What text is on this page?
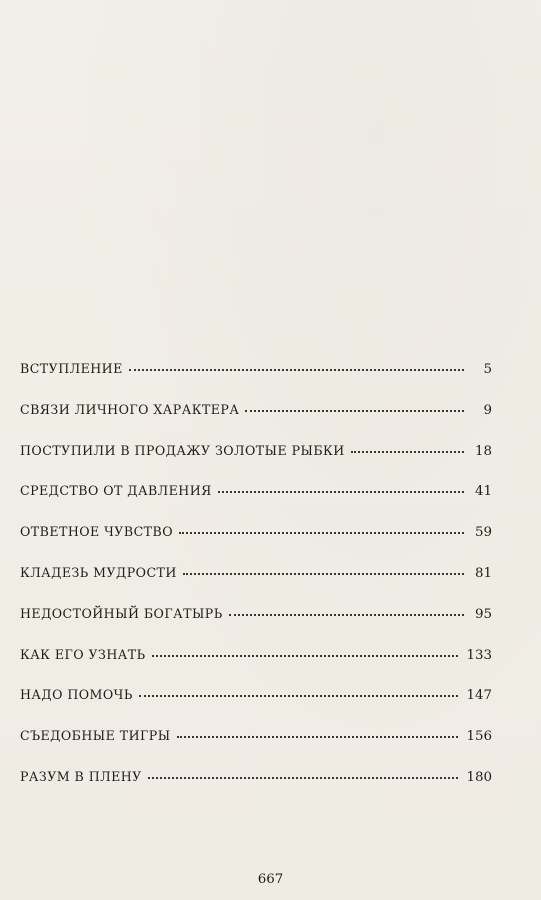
ВСТУПЛЕНИЕ	5
СВЯЗИ ЛИЧНОГО ХАРАКТЕРА	9
ПОСТУПИЛИ В ПРОДАЖУ ЗОЛОТЫЕ РЫБКИ	18
СРЕДСТВО ОТ ДАВЛЕНИЯ	41
ОТВЕТНОЕ ЧУВСТВО	59
КЛАДЕЗЬ МУДРОСТИ	81
НЕДОСТОЙНЫЙ БОГАТЫРЬ	95
КАК ЕГО УЗНАТЬ	133
НАДО ПОМОЧЬ	147
СЪЕДОБНЫЕ ТИГРЫ	156
РАЗУМ В ПЛЕНУ	180
667
